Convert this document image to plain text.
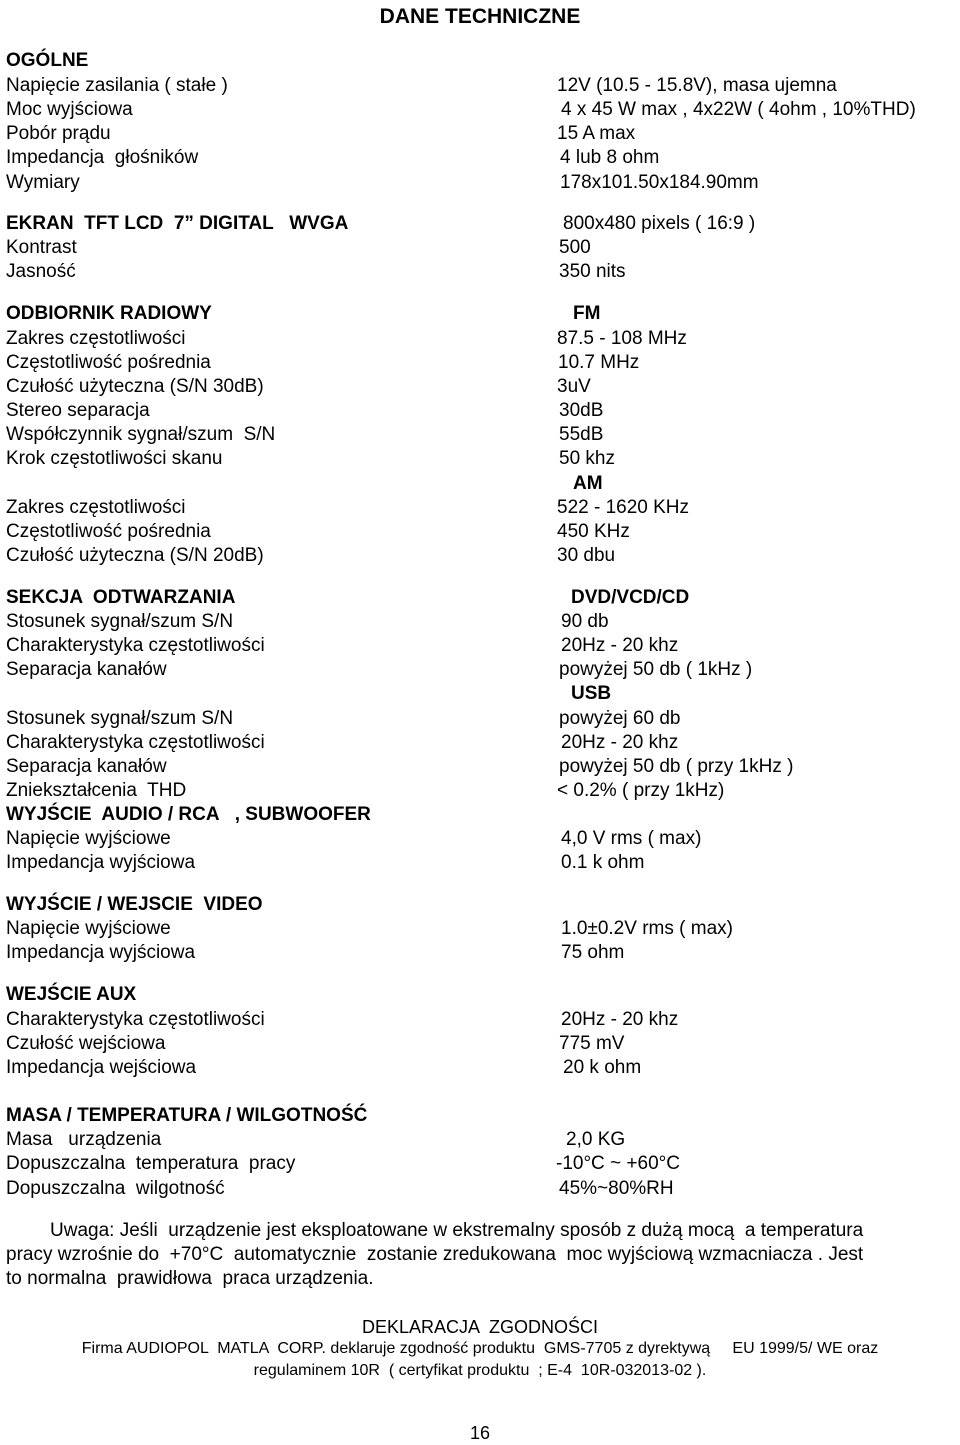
DANE TECHNICZNE
OGÓLNE
Napięcie zasilania ( stałe )	12V (10.5 - 15.8V), masa ujemna
Moc wyjściowa	4 x 45 W max , 4x22W ( 4ohm , 10%THD)
Pobór prądu	15 A max
Impedancja  głośników	4 lub 8 ohm
Wymiary	178x101.50x184.90mm
EKRAN  TFT LCD  7” DIGITAL   WVGA	800x480 pixels ( 16:9 )
Kontrast	500
Jasność	350 nits
ODBIORNIK RADIOWY	FM
Zakres częstotliwości	87.5 - 108 MHz
Częstotliwość pośrednia	10.7 MHz
Czułość użyteczna (S/N 30dB)	3uV
Stereo separacja	30dB
Współczynnik sygnał/szum  S/N	55dB
Krok częstotliwości skanu	50 khz
AM
Zakres częstotliwości	522 - 1620 KHz
Częstotliwość pośrednia	450 KHz
Czułość użyteczna (S/N 20dB)	30 dbu
SEKCJA  ODTWARZANIA	DVD/VCD/CD
Stosunek sygnał/szum S/N	90 db
Charakterystyka częstotliwości	20Hz - 20 khz
Separacja kanałów	powyżej 50 db ( 1kHz )
USB
Stosunek sygnał/szum S/N	powyżej 60 db
Charakterystyka częstotliwości	20Hz - 20 khz
Separacja kanałów	powyżej 50 db ( przy 1kHz )
Zniekształcenia  THD	< 0.2% ( przy 1kHz)
WYJŚCIE  AUDIO / RCA   , SUBWOOFER
Napięcie wyjściowe	4,0 V rms ( max)
Impedancja wyjściowa	0.1 k ohm
WYJŚCIE / WEJSCIE  VIDEO
Napięcie wyjściowe	1.0±0.2V rms ( max)
Impedancja wyjściowa	75 ohm
WEJŚCIE AUX
Charakterystyka częstotliwości	20Hz - 20 khz
Czułość wejściowa	775 mV
Impedancja wejściowa	20 k ohm
MASA / TEMPERATURA / WILGOTNOŚĆ
Masa   urządzenia	2,0 KG
Dopuszczalna  temperatura  pracy	-10°C ~ +60°C
Dopuszczalna  wilgotność	45%~80%RH
Uwaga: Jeśli  urządzenie jest eksploatowane w ekstremalny sposób z dużą mocą  a temperatura
pracy wzrośnie do  +70°C  automatycznie  zostanie zredukowana  moc wyjściową wzmacniacza . Jest
to normalna  prawidłowa  praca urządzenia.
DEKLARACJA  ZGODNOŚCI
Firma AUDIOPOL  MATLA  CORP. deklaruje zgodność produktu  GMS-7705 z dyrektywą     EU 1999/5/ WE oraz
regulaminem 10R  ( certyfikat produktu  ; E-4  10R-032013-02 ).
16
